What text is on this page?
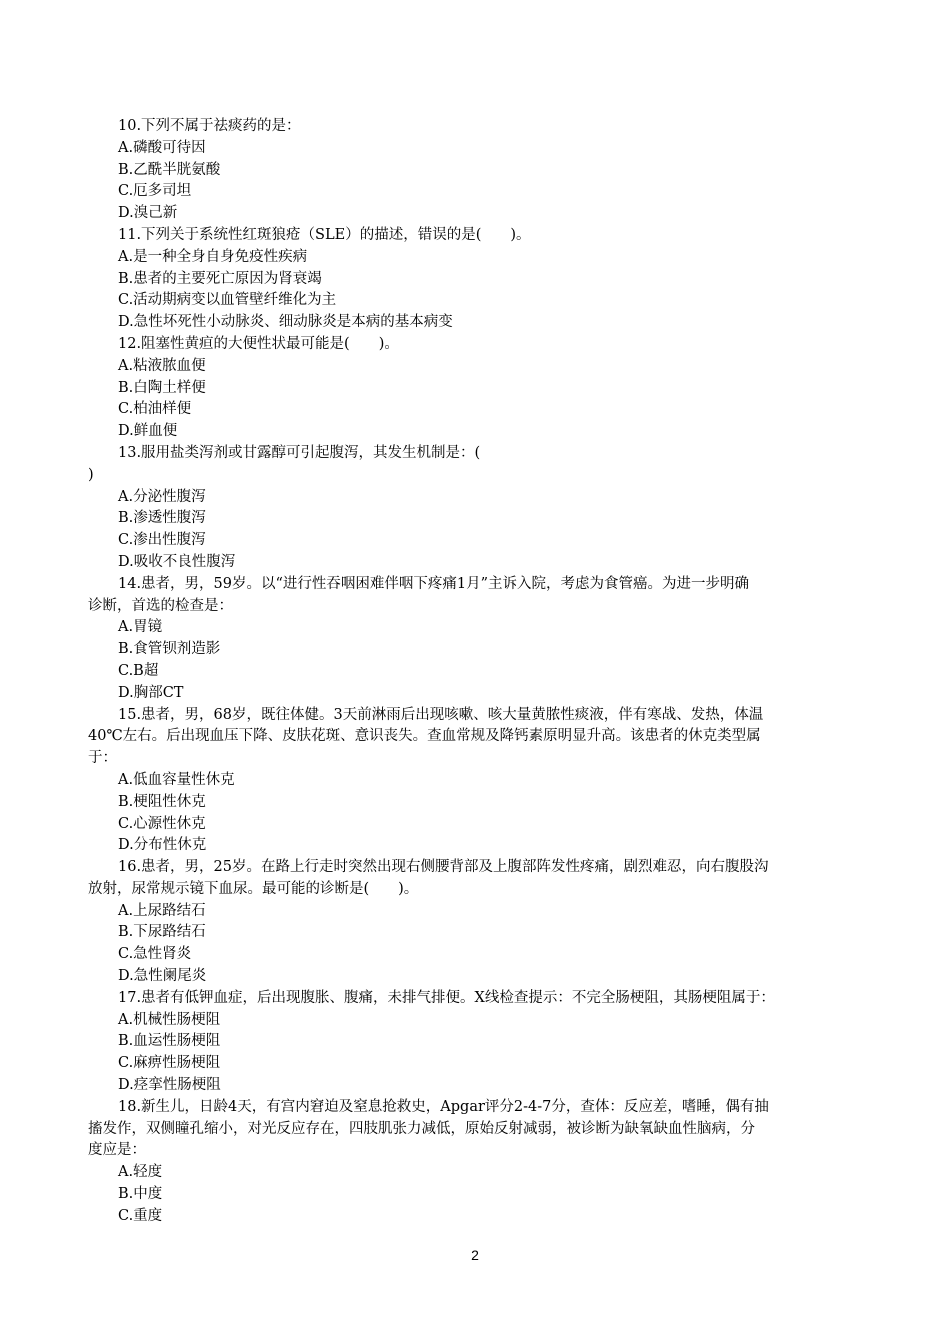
10.下列不属于祛痰药的是：
A.磷酸可待因
B.乙酰半胱氨酸
C.厄多司坦
D.溴己新
11.下列关于系统性红斑狼疮（SLE）的描述，错误的是(　　)。
A.是一种全身自身免疫性疾病
B.患者的主要死亡原因为肾衰竭
C.活动期病变以血管壁纤维化为主
D.急性坏死性小动脉炎、细动脉炎是本病的基本病变
12.阻塞性黄疸的大便性状最可能是(　　)。
A.粘液脓血便
B.白陶土样便
C.柏油样便
D.鲜血便
13.服用盐类泻剂或甘露醇可引起腹泻，其发生机制是：(
)
A.分泌性腹泻
B.渗透性腹泻
C.渗出性腹泻
D.吸收不良性腹泻
14.患者，男，59岁。以“进行性吞咽困难伴咽下疼痛1月”主诉入院，考虑为食管癌。为进一步明确
诊断，首选的检查是：
A.胃镜
B.食管钡剂造影
C.B超
D.胸部CT
15.患者，男，68岁，既往体健。3天前淋雨后出现咳嗽、咳大量黄脓性痰液，伴有寒战、发热，体温
40℃左右。后出现血压下降、皮肤花斑、意识丧失。查血常规及降钙素原明显升高。该患者的休克类型属
于：
A.低血容量性休克
B.梗阻性休克
C.心源性休克
D.分布性休克
16.患者，男，25岁。在路上行走时突然出现右侧腰背部及上腹部阵发性疼痛，剧烈难忍，向右腹股沟
放射，尿常规示镜下血尿。最可能的诊断是(　　)。
A.上尿路结石
B.下尿路结石
C.急性肾炎
D.急性阑尾炎
17.患者有低钾血症，后出现腹胀、腹痛，未排气排便。X线检查提示：不完全肠梗阻，其肠梗阻属于：
A.机械性肠梗阻
B.血运性肠梗阻
C.麻痹性肠梗阻
D.痉挛性肠梗阻
18.新生儿，日龄4天，有宫内窘迫及窒息抢救史，Apgar评分2-4-7分，查体：反应差，嗜睡，偶有抽
搐发作，双侧瞳孔缩小，对光反应存在，四肢肌张力减低，原始反射减弱，被诊断为缺氧缺血性脑病，分
度应是：
A.轻度
B.中度
C.重度
2
